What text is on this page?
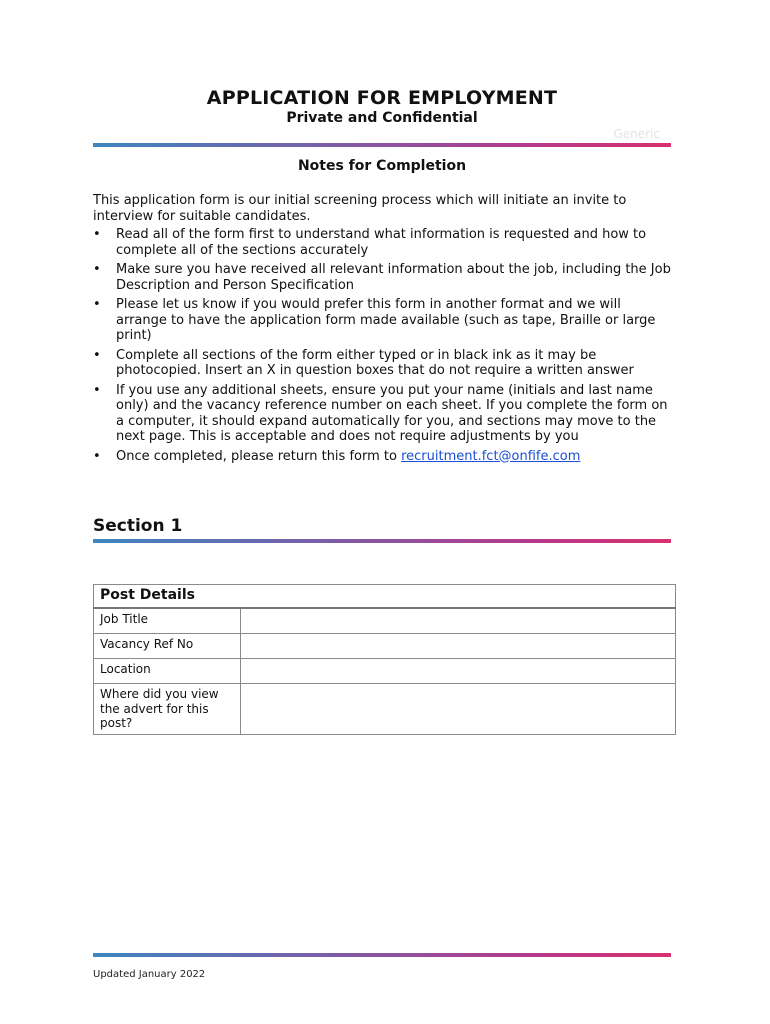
APPLICATION FOR EMPLOYMENT
Private and Confidential
Generic
Notes for Completion
This application form is our initial screening process which will initiate an invite to interview for suitable candidates.
• Read all of the form first to understand what information is requested and how to complete all of the sections accurately
• Make sure you have received all relevant information about the job, including the Job Description and Person Specification
• Please let us know if you would prefer this form in another format and we will arrange to have the application form made available (such as tape, Braille or large print)
• Complete all sections of the form either typed or in black ink as it may be photocopied. Insert an X in question boxes that do not require a written answer
• If you use any additional sheets, ensure you put your name (initials and last name only) and the vacancy reference number on each sheet. If you complete the form on a computer, it should expand automatically for you, and sections may move to the next page. This is acceptable and does not require adjustments by you
• Once completed, please return this form to recruitment.fct@onfife.com
Section 1
Post Details	
Job Title	
Vacancy Ref No	
Location	
Where did you view the advert for this post?	
Updated January 2022
